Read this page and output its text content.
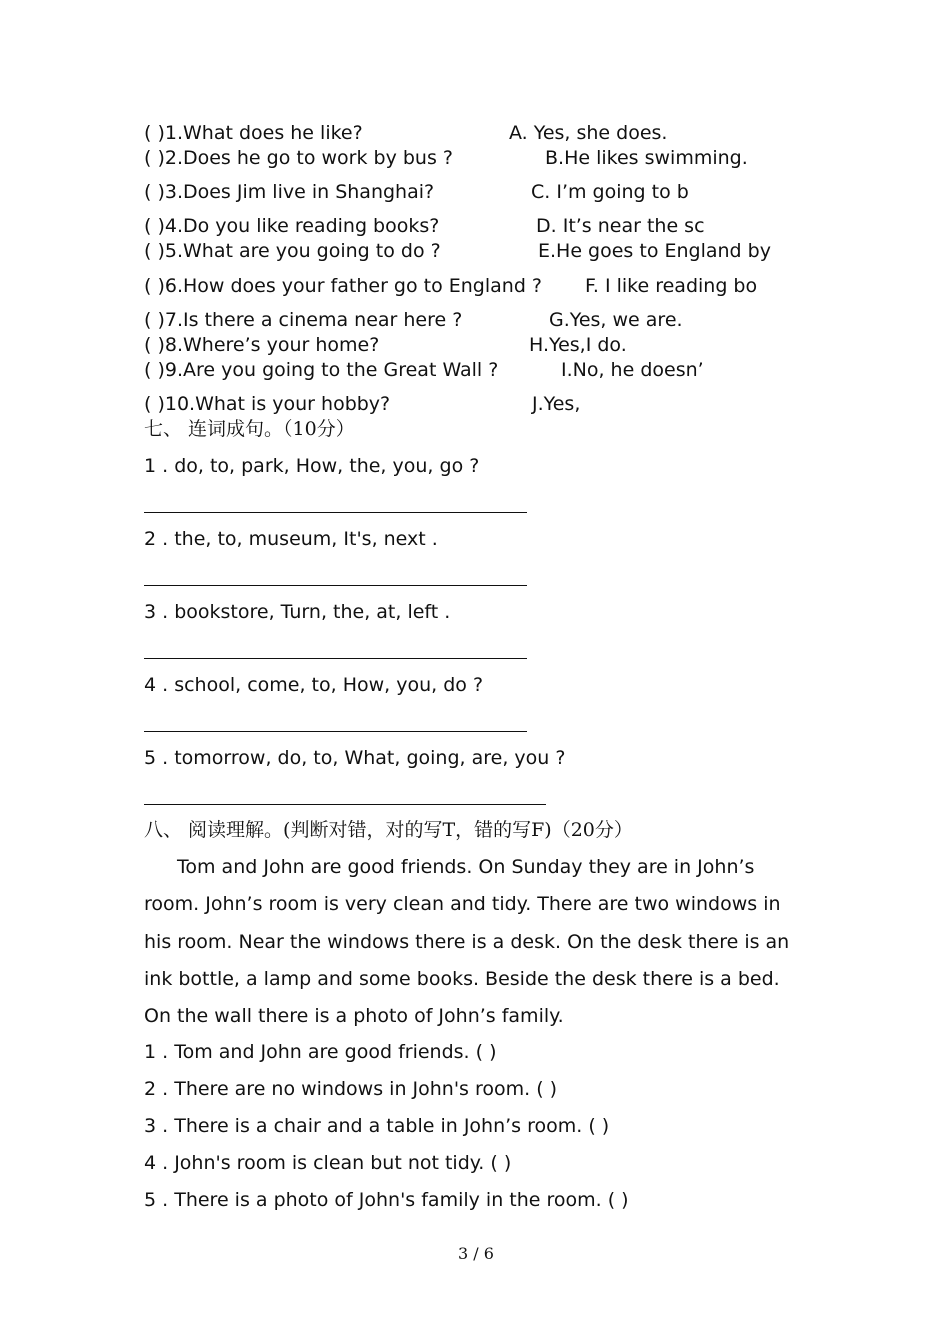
( )1.What does he like?	A. Yes, she does.
( )2.Does he go to work by bus ?	B.He likes swimming.
( )3.Does Jim live in Shanghai?	C. I’m going to b
( )4.Do you like reading books?	D. It’s near the sc
( )5.What are you going to do ?	E.He goes to England by
( )6.How does your father go to England ? F. I like reading bo
( )7.Is there a cinema near here ?	G.Yes, we are.
( )8.Where’s your home?	H.Yes,I do.
( )9.Are you going to the Great Wall ?	I.No, he doesn’
( )10.What is your hobby?	J.Yes,
七、 连词成句。（10分）
1 . do, to, park, How, the, you, go ?
2 . the, to, museum, It's, next .
3 . bookstore, Turn, the, at, left .
4 . school, come, to, How, you, do ?
5 . tomorrow, do, to, What, going, are, you ?
八、 阅读理解。(判断对错，对的写T，错的写F)（20分）
Tom and John are good friends. On Sunday they are in John’s
room. John’s room is very clean and tidy. There are two windows in
his room. Near the windows there is a desk. On the desk there is an
ink bottle, a lamp and some books. Beside the desk there is a bed.
On the wall there is a photo of John’s family.
1 . Tom and John are good friends. ( )
2 . There are no windows in John's room. ( )
3 . There is a chair and a table in John’s room. ( )
4 . John's room is clean but not tidy. ( )
5 . There is a photo of John's family in the room. ( )
3 / 6
